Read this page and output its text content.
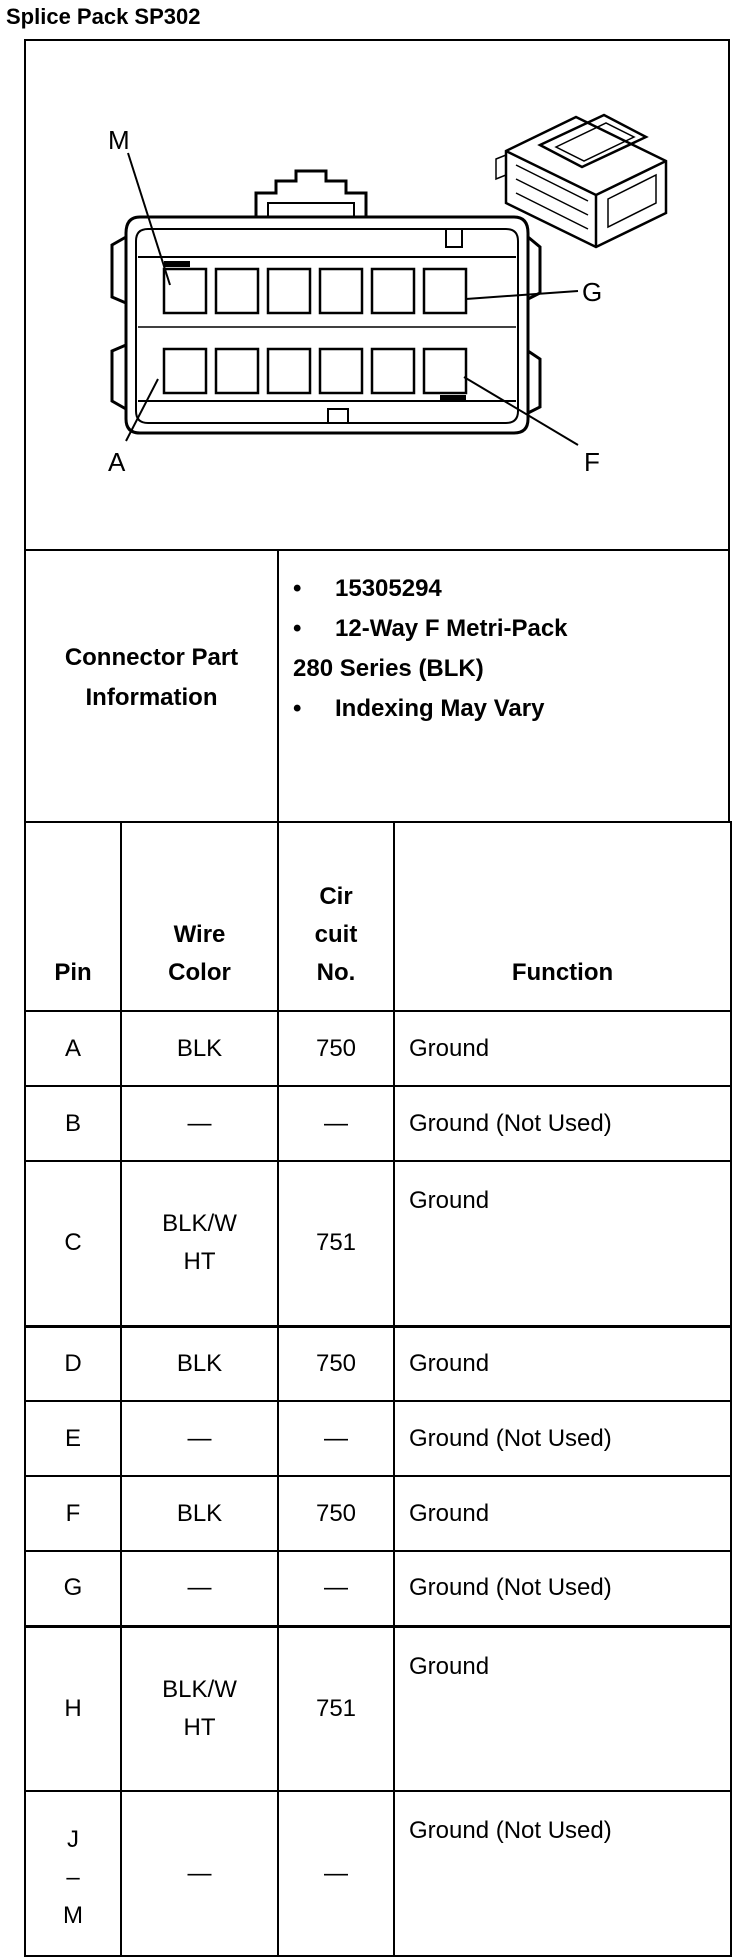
Splice Pack SP302
M
G
A	F
Connector Part Information
•	15305294
•	12-Way F Metri-Pack
280 Series (BLK)
•	Indexing May Vary
Pin	Wire Color	Cir cuit No.	Function
A	BLK	750	Ground
B	—	—	Ground (Not Used)
C	BLK/W HT	751	Ground
D	BLK	750	Ground
E	—	—	Ground (Not Used)
F	BLK	750	Ground
G	—	—	Ground (Not Used)
H	BLK/W HT	751	Ground
J –M	—	—	Ground (Not Used)
